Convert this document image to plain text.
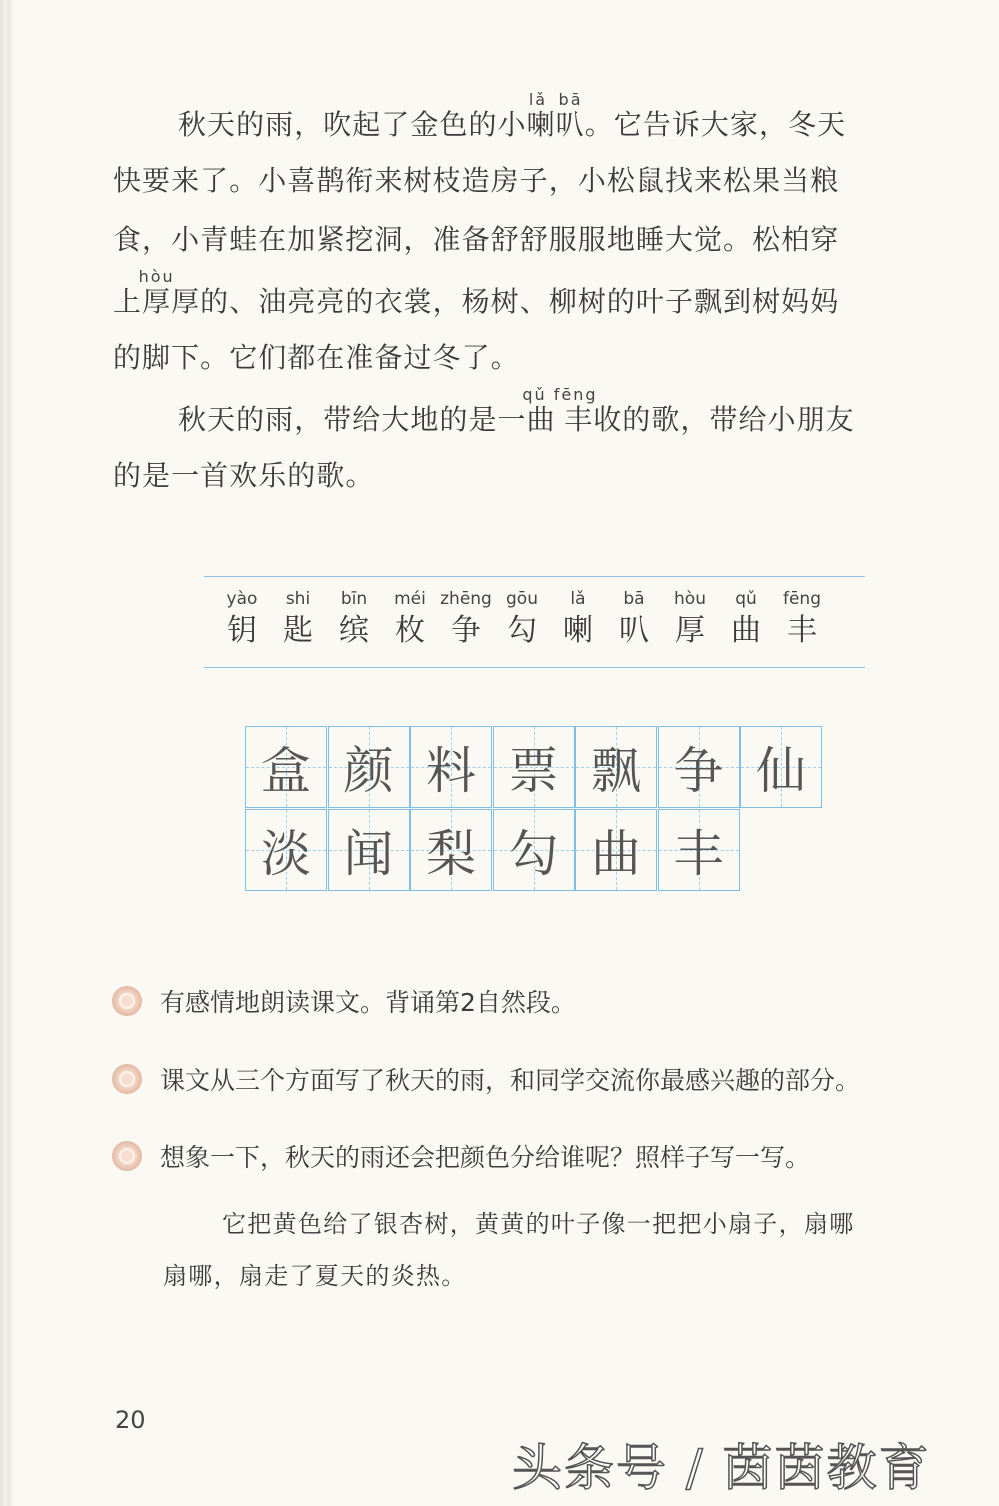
秋天的雨，吹起了金色的小喇叭lǎ bā。它告诉大家，冬天
快要来了。小喜鹊衔来树枝造房子，小松鼠找来松果当粮
食，小青蛙在加紧挖洞，准备舒舒服服地睡大觉。松柏穿
上厚hòu厚的、油亮亮的衣裳，杨树、柳树的叶子飘到树妈妈
的脚下。它们都在准备过冬了。
秋天的雨，带给大地的是一曲丰qǔ fēng收的歌，带给小朋友
的是一首欢乐的歌。
yào
钥
shi
匙
bīn
缤
méi
枚
zhēng
争
gōu
勾
lǎ
喇
bā
叭
hòu
厚
qǔ
曲
fēng
丰
盒 颜 料 票 飘 争 仙
淡 闻 梨 勾 曲 丰
有感情地朗读课文。背诵第2自然段。
课文从三个方面写了秋天的雨，和同学交流你最感兴趣的部分。
想象一下，秋天的雨还会把颜色分给谁呢？照样子写一写。
它把黄色给了银杏树，黄黄的叶子像一把把小扇子，扇哪
扇哪，扇走了夏天的炎热。
20
头条号 / 茵茵教育
